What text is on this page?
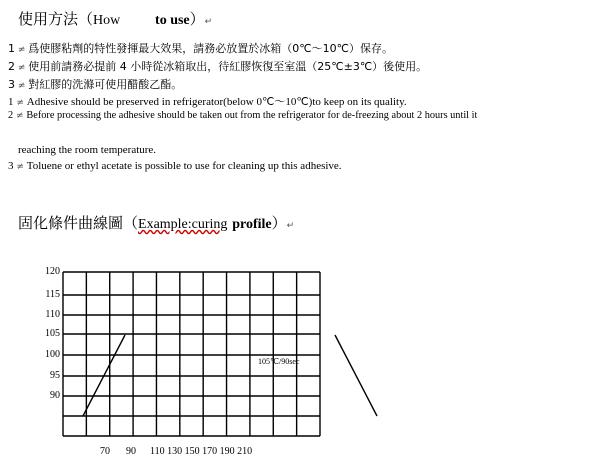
使用方法（How to use）↵
1 ≠ 爲使膠粘劑的特性發揮最大效果，請務必放置於冰箱（0℃～10℃）保存。
2 ≠ 使用前請務必提前 4 小時從冰箱取出，待紅膠恢復至室溫（25℃±3℃）後使用。
3 ≠ 對紅膠的洗滌可使用醋酸乙酯。
1 ≠ Adhesive should be preserved in refrigerator(below 0℃～10℃)to keep on its quality.
2 ≠ Before processing the adhesive should be taken out from the refrigerator for de-freezing about 2 hours until it
reaching the room temperature.
3 ≠ Toluene or ethyl acetate is possible to use for cleaning up this adhesive.
固化條件曲線圖（Example:curing profile）↵
120
115
110
105
100
95
90
70 90 110 130 150 170 190 210
105℃/90sec
